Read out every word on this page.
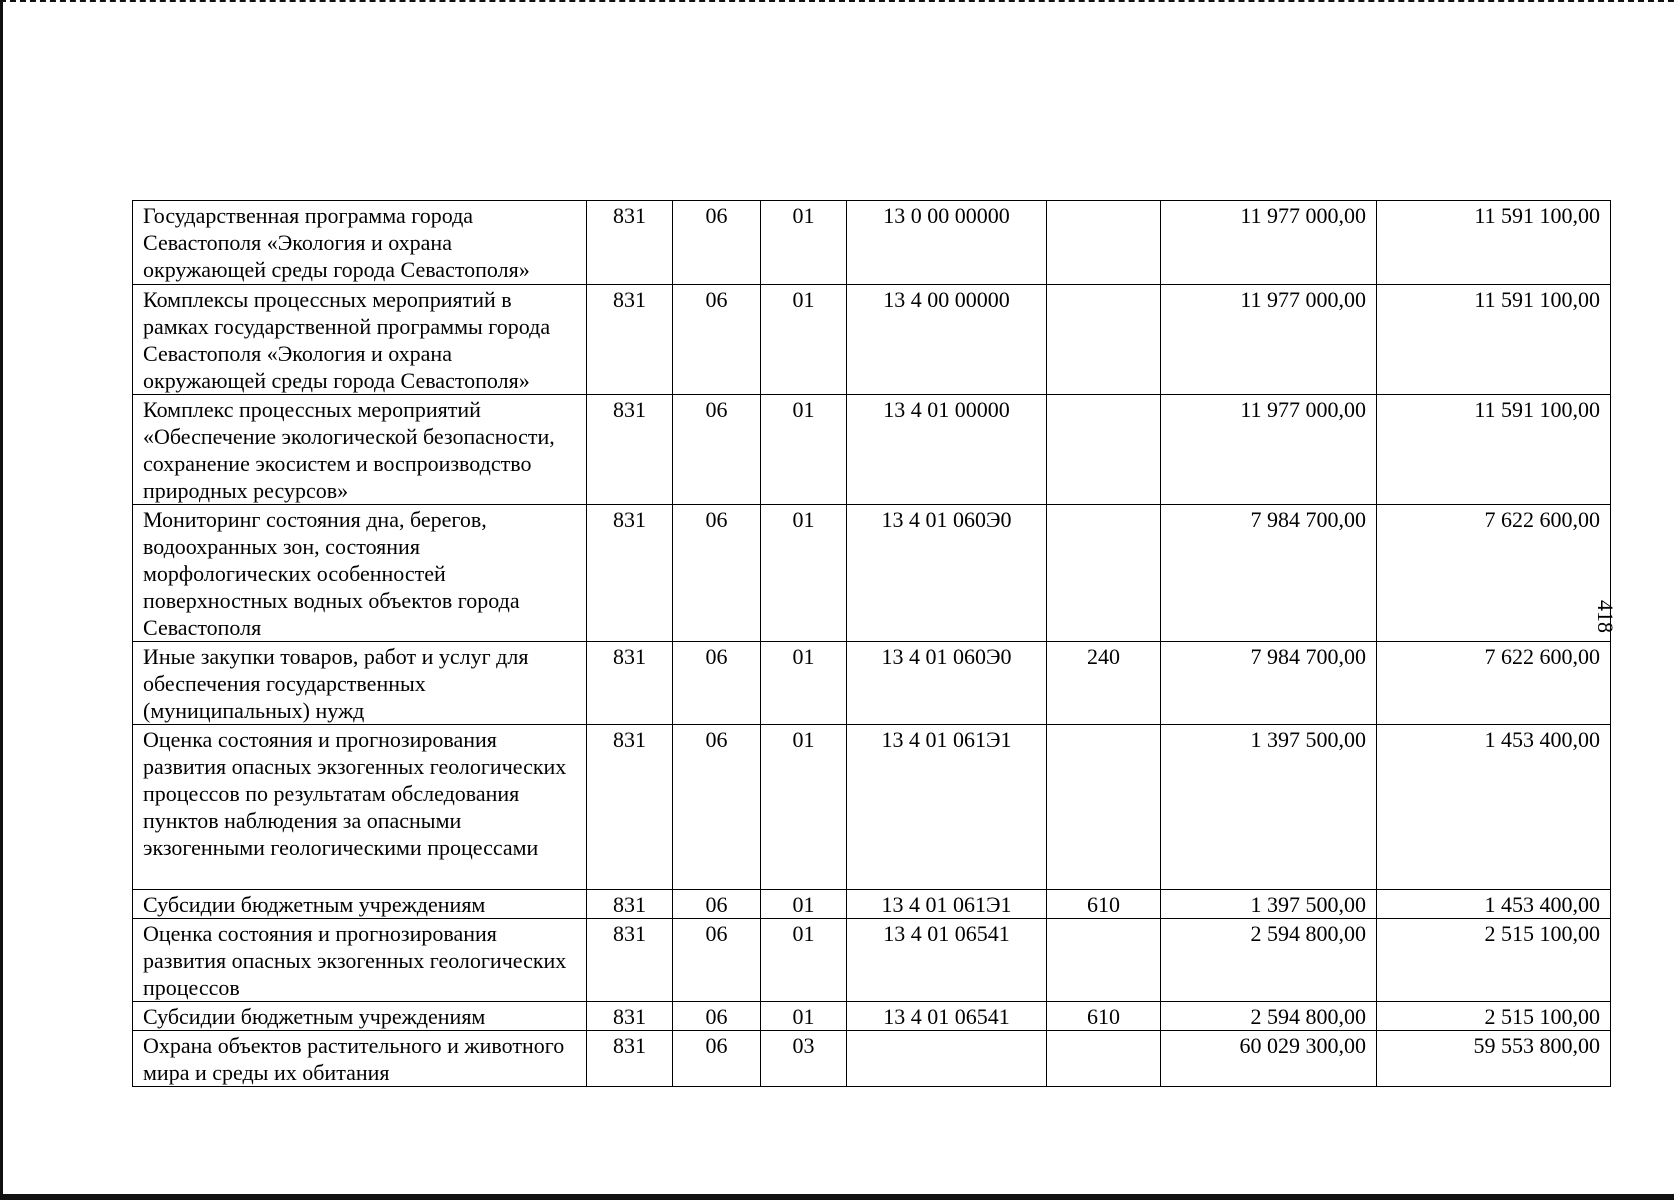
418
Государственная программа города Севастополя «Экология и охрана окружающей среды города Севастополя»	831	06	01	13 0 00 00000		11 977 000,00	11 591 100,00
Комплексы процессных мероприятий в рамках государственной программы города Севастополя «Экология и охрана окружающей среды города Севастополя»	831	06	01	13 4 00 00000		11 977 000,00	11 591 100,00
Комплекс процессных мероприятий «Обеспечение экологической безопасности, сохранение экосистем и воспроизводство природных ресурсов»	831	06	01	13 4 01 00000		11 977 000,00	11 591 100,00
Мониторинг состояния дна, берегов, водоохранных зон, состояния морфологических особенностей поверхностных водных объектов города Севастополя	831	06	01	13 4 01 060Э0		7 984 700,00	7 622 600,00
Иные закупки товаров, работ и услуг для обеспечения государственных (муниципальных) нужд	831	06	01	13 4 01 060Э0	240	7 984 700,00	7 622 600,00
Оценка состояния и прогнозирования развития опасных экзогенных геологических процессов по результатам обследования пунктов наблюдения за опасными экзогенными геологическими процессами	831	06	01	13 4 01 061Э1		1 397 500,00	1 453 400,00
Субсидии бюджетным учреждениям	831	06	01	13 4 01 061Э1	610	1 397 500,00	1 453 400,00
Оценка состояния и прогнозирования развития опасных экзогенных геологических процессов	831	06	01	13 4 01 06541		2 594 800,00	2 515 100,00
Субсидии бюджетным учреждениям	831	06	01	13 4 01 06541	610	2 594 800,00	2 515 100,00
Охрана объектов растительного и животного мира и среды их обитания	831	06	03			60 029 300,00	59 553 800,00
